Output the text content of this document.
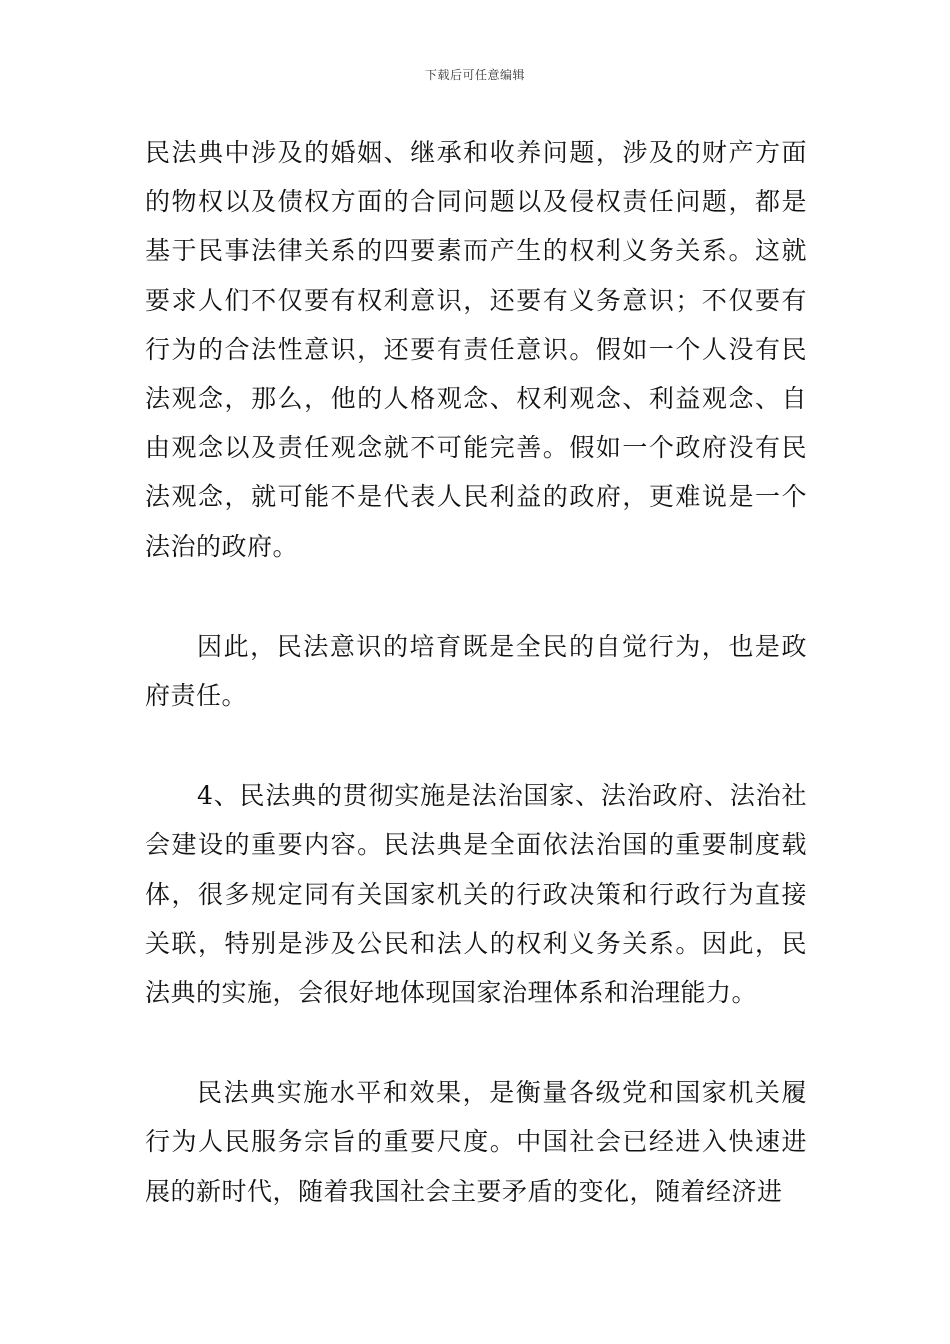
下载后可任意编辑

民法典中涉及的婚姻、继承和收养问题，涉及的财产方面的物权以及债权方面的合同问题以及侵权责任问题，都是基于民事法律关系的四要素而产生的权利义务关系。这就要求人们不仅要有权利意识，还要有义务意识；不仅要有行为的合法性意识，还要有责任意识。假如一个人没有民法观念，那么，他的人格观念、权利观念、利益观念、自由观念以及责任观念就不可能完善。假如一个政府没有民法观念，就可能不是代表人民利益的政府，更难说是一个法治的政府。

因此，民法意识的培育既是全民的自觉行为，也是政府责任。

4、民法典的贯彻实施是法治国家、法治政府、法治社会建设的重要内容。民法典是全面依法治国的重要制度载体，很多规定同有关国家机关的行政决策和行政行为直接关联，特别是涉及公民和法人的权利义务关系。因此，民法典的实施，会很好地体现国家治理体系和治理能力。

民法典实施水平和效果，是衡量各级党和国家机关履行为人民服务宗旨的重要尺度。中国社会已经进入快速进展的新时代，随着我国社会主要矛盾的变化，随着经济进
